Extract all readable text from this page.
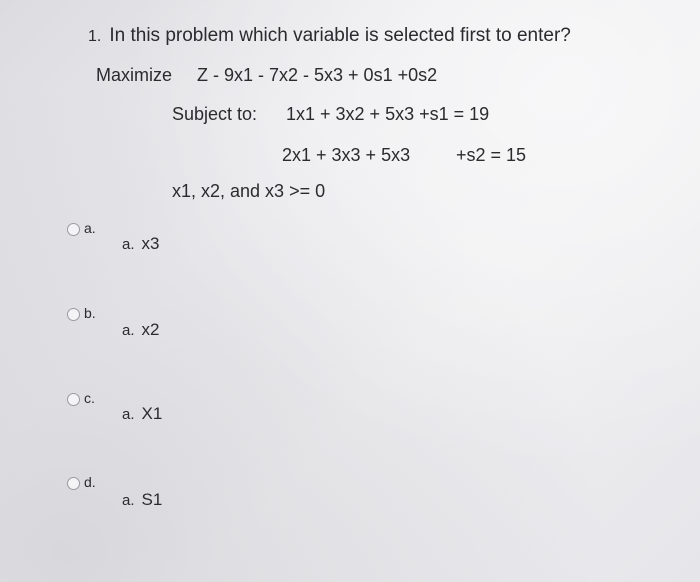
1. In this problem which variable is selected first to enter?
Maximize Z - 9x1 - 7x2 - 5x3 + 0s1 +0s2
Subject to: 1x1 + 3x2 + 5x3 +s1 = 19
2x1 + 3x3 + 5x3	+s2 = 15
x1, x2, and x3 >= 0
a.
a. x3
b.
a. x2
c.
a. X1
d.
a. S1
